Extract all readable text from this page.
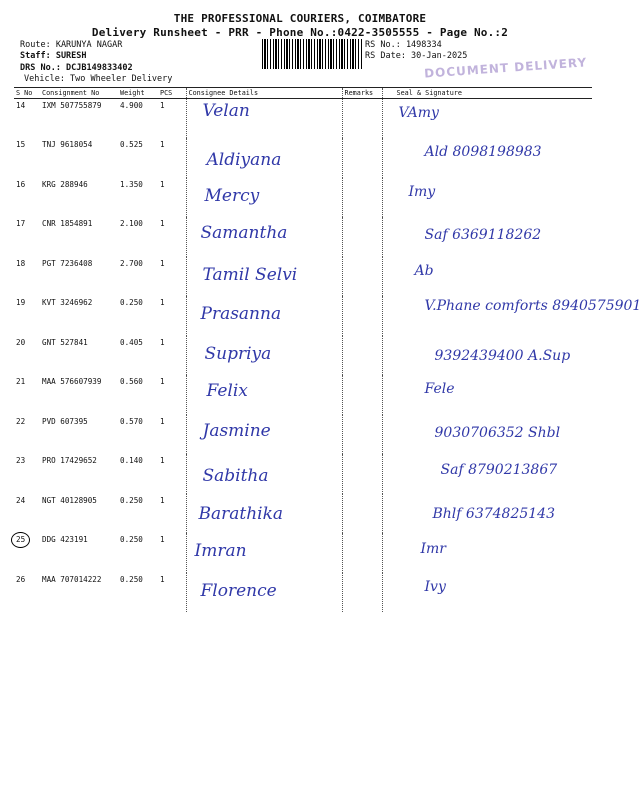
THE PROFESSIONAL COURIERS, COIMBATORE
Delivery Runsheet - PRR - Phone No.:0422-3505555 - Page No.:2
Route: KARUNYA NAGAR
Staff: SURESH
DRS No.: DCJB149833402
Vehicle: Two Wheeler Delivery
RS No.: 1498334
RS Date: 30-Jan-2025
DOCUMENT DELIVERY
S No	Consignment No	Weight	PCS	Consignee Details	Remarks	Seal & Signature
14	IXM 507755879	4.900	1	Velan		VAmy
15	TNJ 9618054	0.525	1	Aldiyana		Ald 8098198983
16	KRG 288946	1.350	1	Mercy		Imy
17	CNR 1854891	2.100	1	Samantha		Saf 6369118262
18	PGT 7236408	2.700	1	Tamil Selvi		Ab
19	KVT 3246962	0.250	1	Prasanna		V.Phane comforts 8940575901
20	GNT 527841	0.405	1	Supriya		9392439400 A.Sup
21	MAA 576607939	0.560	1	Felix		Fele
22	PVD 607395	0.570	1	Jasmine		9030706352 Shbl
23	PRO 17429652	0.140	1	Sabitha		Saf 8790213867
24	NGT 40128905	0.250	1	Barathika		Bhlf 6374825143
25	DDG 423191	0.250	1	Imran		Imr
26	MAA 707014222	0.250	1	Florence		Ivy
